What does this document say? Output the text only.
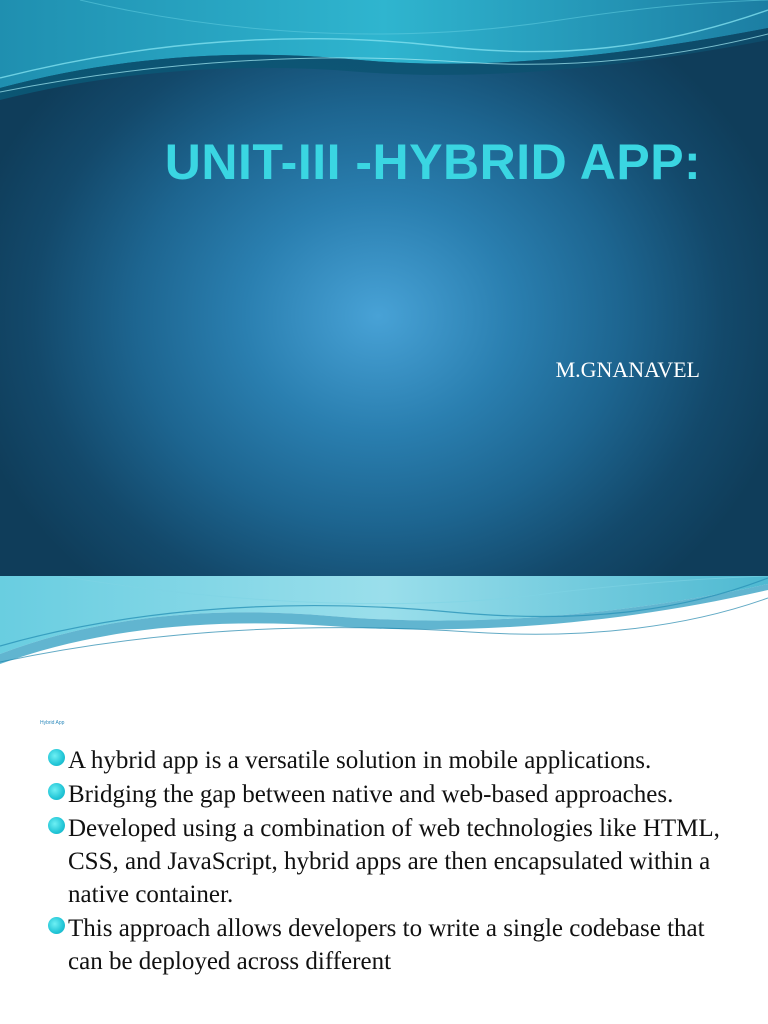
UNIT-III -HYBRID APP:

M.GNANAVEL

Hybrid App

A hybrid app is a versatile solution in mobile applications.
Bridging the gap between native and web-based approaches.
Developed using a combination of web technologies like HTML, CSS, and JavaScript, hybrid apps are then encapsulated within a native container.
This approach allows developers to write a single codebase that can be deployed across different
